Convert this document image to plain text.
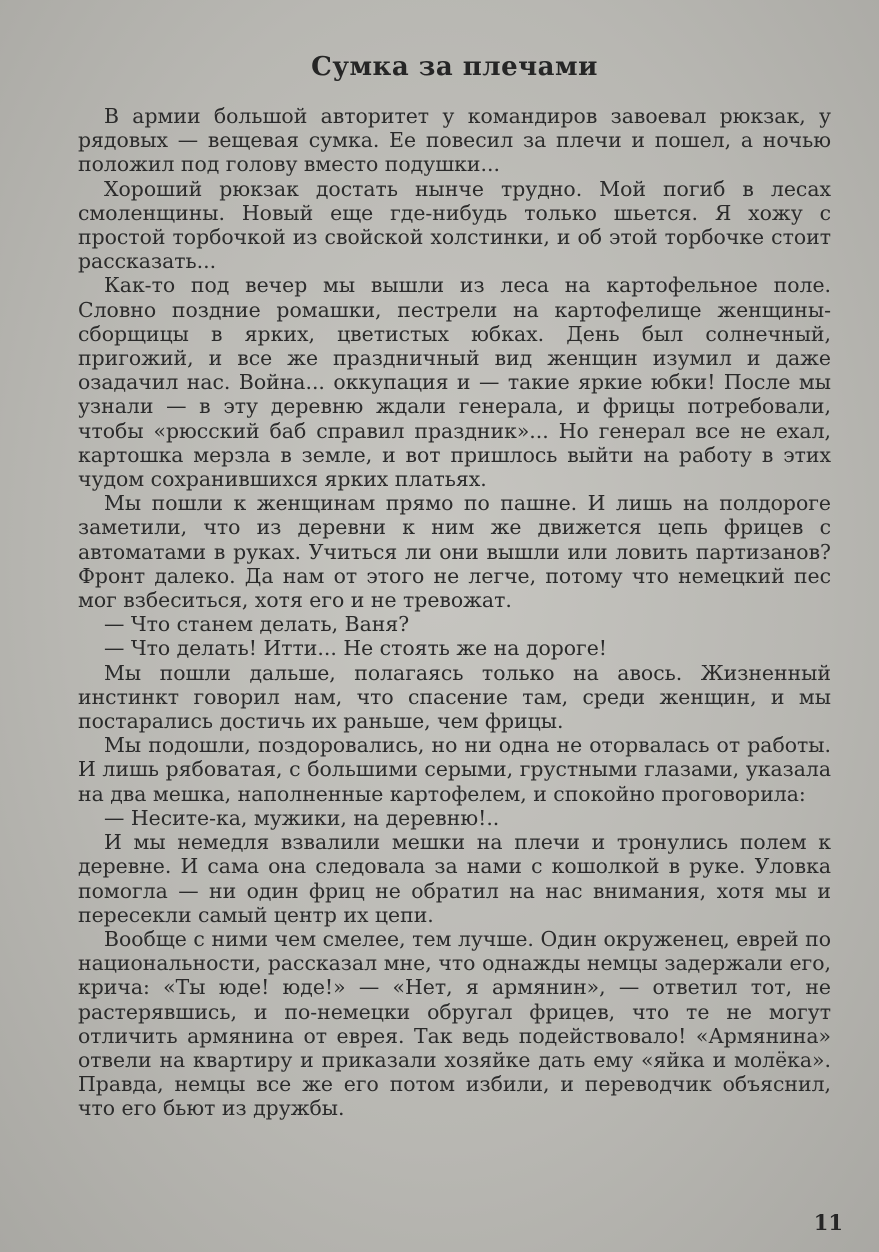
Сумка за плечами

В армии большой авторитет у командиров завоевал рюкзак, у рядовых — вещевая сумка. Ее повесил за плечи и пошел, а ночью положил под голову вместо подушки...

Хороший рюкзак достать нынче трудно. Мой погиб в лесах смоленщины. Новый еще где-нибудь только шьется. Я хожу с простой торбочкой из свойской холстинки, и об этой торбочке стоит рассказать...

Как-то под вечер мы вышли из леса на картофельное поле. Словно поздние ромашки, пестрели на картофелище женщины-сборщицы в ярких, цветистых юбках. День был солнечный, пригожий, и все же праздничный вид женщин изумил и даже озадачил нас. Война... оккупация и — такие яркие юбки! После мы узнали — в эту деревню ждали генерала, и фрицы потребовали, чтобы «рюсский баб справил праздник»... Но генерал все не ехал, картошка мерзла в земле, и вот пришлось выйти на работу в этих чудом сохранившихся ярких платьях.

Мы пошли к женщинам прямо по пашне. И лишь на полдороге заметили, что из деревни к ним же движется цепь фрицев с автоматами в руках. Учиться ли они вышли или ловить партизанов? Фронт далеко. Да нам от этого не легче, потому что немецкий пес мог взбеситься, хотя его и не тревожат.

— Что станем делать, Ваня?

— Что делать! Итти... Не стоять же на дороге!

Мы пошли дальше, полагаясь только на авось. Жизненный инстинкт говорил нам, что спасение там, среди женщин, и мы постарались достичь их раньше, чем фрицы.

Мы подошли, поздоровались, но ни одна не оторвалась от работы. И лишь рябоватая, с большими серыми, грустными глазами, указала на два мешка, наполненные картофелем, и спокойно проговорила:

— Несите-ка, мужики, на деревню!..

И мы немедля взвалили мешки на плечи и тронулись полем к деревне. И сама она следовала за нами с кошолкой в руке. Уловка помогла — ни один фриц не обратил на нас внимания, хотя мы и пересекли самый центр их цепи.

Вообще с ними чем смелее, тем лучше. Один окруженец, еврей по национальности, рассказал мне, что однажды немцы задержали его, крича: «Ты юде! юде!» — «Нет, я армянин», — ответил тот, не растерявшись, и по-немецки обругал фрицев, что те не могут отличить армянина от еврея. Так ведь подействовало! «Армянина» отвели на квартиру и приказали хозяйке дать ему «яйка и молёка». Правда, немцы все же его потом избили, и переводчик объяснил, что его бьют из дружбы.

11
